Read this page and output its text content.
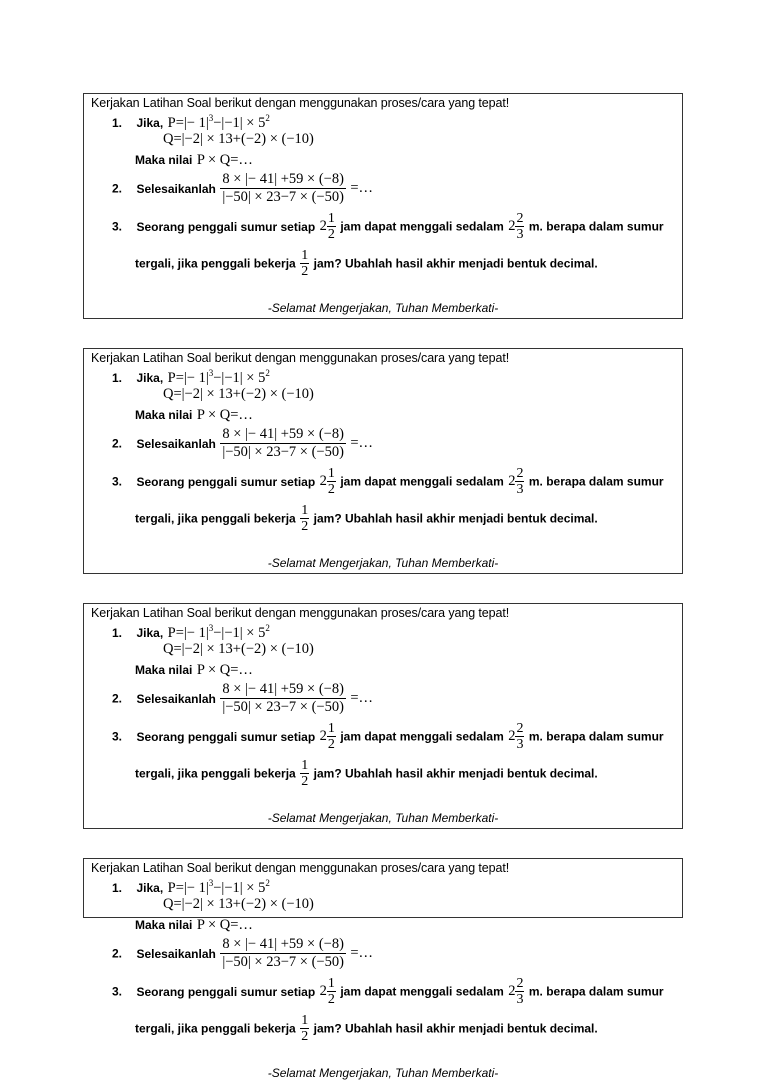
Kerjakan Latihan Soal berikut dengan menggunakan proses/cara yang tepat!
1. Jika, $P=|- 1|^3-|-1| \times 5^2$
Q=|−2| × 13+(−2) × (−10)
Maka nilai P × Q=…
2. Selesaikanlah $\frac{8 \times |- 41| +59 \times (-8)}{|-50| \times 23-7 \times (-50)}$ =…
3. Seorang penggali sumur setiap $2 \frac{1}{2}$ jam dapat menggali sedalam $2 \frac{2}{3} m$. berapa dalam sumur
tergali, jika penggali bekerja $\frac{1}{2}$ jam? Ubahlah hasil akhir menjadi bentuk decimal.
-Selamat Mengerjakan, Tuhan Memberkati-
Kerjakan Latihan Soal berikut dengan menggunakan proses/cara yang tepat!
1. Jika, $P=|- 1|^3-|-1| \times 5^2$
Q=|−2| × 13+(−2) × (−10)
Maka nilai P × Q=…
2. Selesaikanlah $\frac{8 \times |- 41| +59 \times (-8)}{|-50| \times 23-7 \times (-50)}$ =…
3. Seorang penggali sumur setiap $2 \frac{1}{2}$ jam dapat menggali sedalam $2 \frac{2}{3} m$. berapa dalam sumur
tergali, jika penggali bekerja $\frac{1}{2}$ jam? Ubahlah hasil akhir menjadi bentuk decimal.
-Selamat Mengerjakan, Tuhan Memberkati-
Kerjakan Latihan Soal berikut dengan menggunakan proses/cara yang tepat!
1. Jika, $P=|- 1|^3-|-1| \times 5^2$
Q=|−2| × 13+(−2) × (−10)
Maka nilai P × Q=…
2. Selesaikanlah $\frac{8 \times |- 41| +59 \times (-8)}{|-50| \times 23-7 \times (-50)}$ =…
3. Seorang penggali sumur setiap $2 \frac{1}{2}$ jam dapat menggali sedalam $2 \frac{2}{3} m$. berapa dalam sumur
tergali, jika penggali bekerja $\frac{1}{2}$ jam? Ubahlah hasil akhir menjadi bentuk decimal.
-Selamat Mengerjakan, Tuhan Memberkati-
Kerjakan Latihan Soal berikut dengan menggunakan proses/cara yang tepat!
1. Jika, $P=|- 1|^3-|-1| \times 5^2$
Q=|−2| × 13+(−2) × (−10)
Maka nilai P × Q=…
2. Selesaikanlah $\frac{8 \times |- 41| +59 \times (-8)}{|-50| \times 23-7 \times (-50)}$ =…
3. Seorang penggali sumur setiap $2 \frac{1}{2}$ jam dapat menggali sedalam $2 \frac{2}{3} m$. berapa dalam sumur
tergali, jika penggali bekerja $\frac{1}{2}$ jam? Ubahlah hasil akhir menjadi bentuk decimal.
-Selamat Mengerjakan, Tuhan Memberkati-
